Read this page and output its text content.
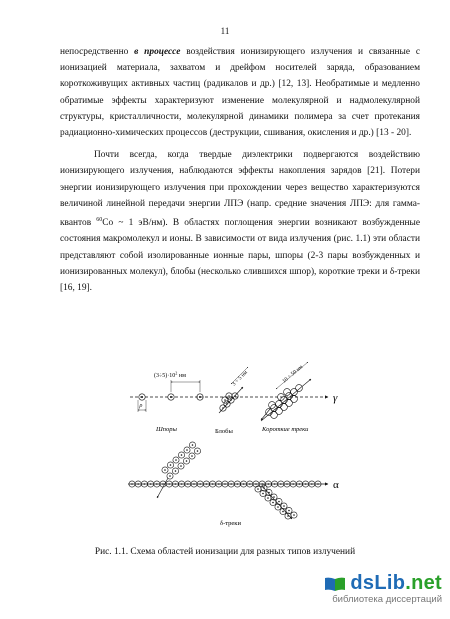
11

непосредственно в процессе воздействия ионизирующего излучения и связанные с ионизацией материала, захватом и дрейфом носителей заряда, образованием короткоживущих активных частиц (радикалов и др.) [12, 13]. Необратимые и медленно обратимые эффекты характеризуют изменение молекулярной и надмолекулярной структуры, кристалличности, молекулярной динамики полимера за счет протекания радиационно-химических процессов (деструкции, сшивания, окисления и др.) [13 - 20].

Почти всегда, когда твердые диэлектрики подвергаются воздействию ионизирующего излучения, наблюдаются эффекты накопления зарядов [21]. Потери энергии ионизирующего излучения при прохождении через вещество характеризуются величиной линейной передачи энергии ЛПЭ (напр. средние значения ЛПЭ: для гамма-квантов $^{60}$Co ~ 1 эВ/нм). В областях поглощения энергии возникают возбужденные состояния макромолекул и ионы. В зависимости от вида излучения (рис. 1.1) эти области представляют собой изолированные ионные пары, шпоры (2-3 пары возбужденных и ионизированных молекул), блобы (несколько слившихся шпор), короткие треки и δ-треки [16, 19].

γ
$(3\div 5)\cdot 10^2$ нм
ρ
3 ÷ 5 нм	10 ÷ 50 нм
Шпоры	Блобы	Короткие треки
α
δ-треки
Рис. 1.1. Схема областей ионизации для разных типов излучений
dsLib.net
библиотека диссертаций
